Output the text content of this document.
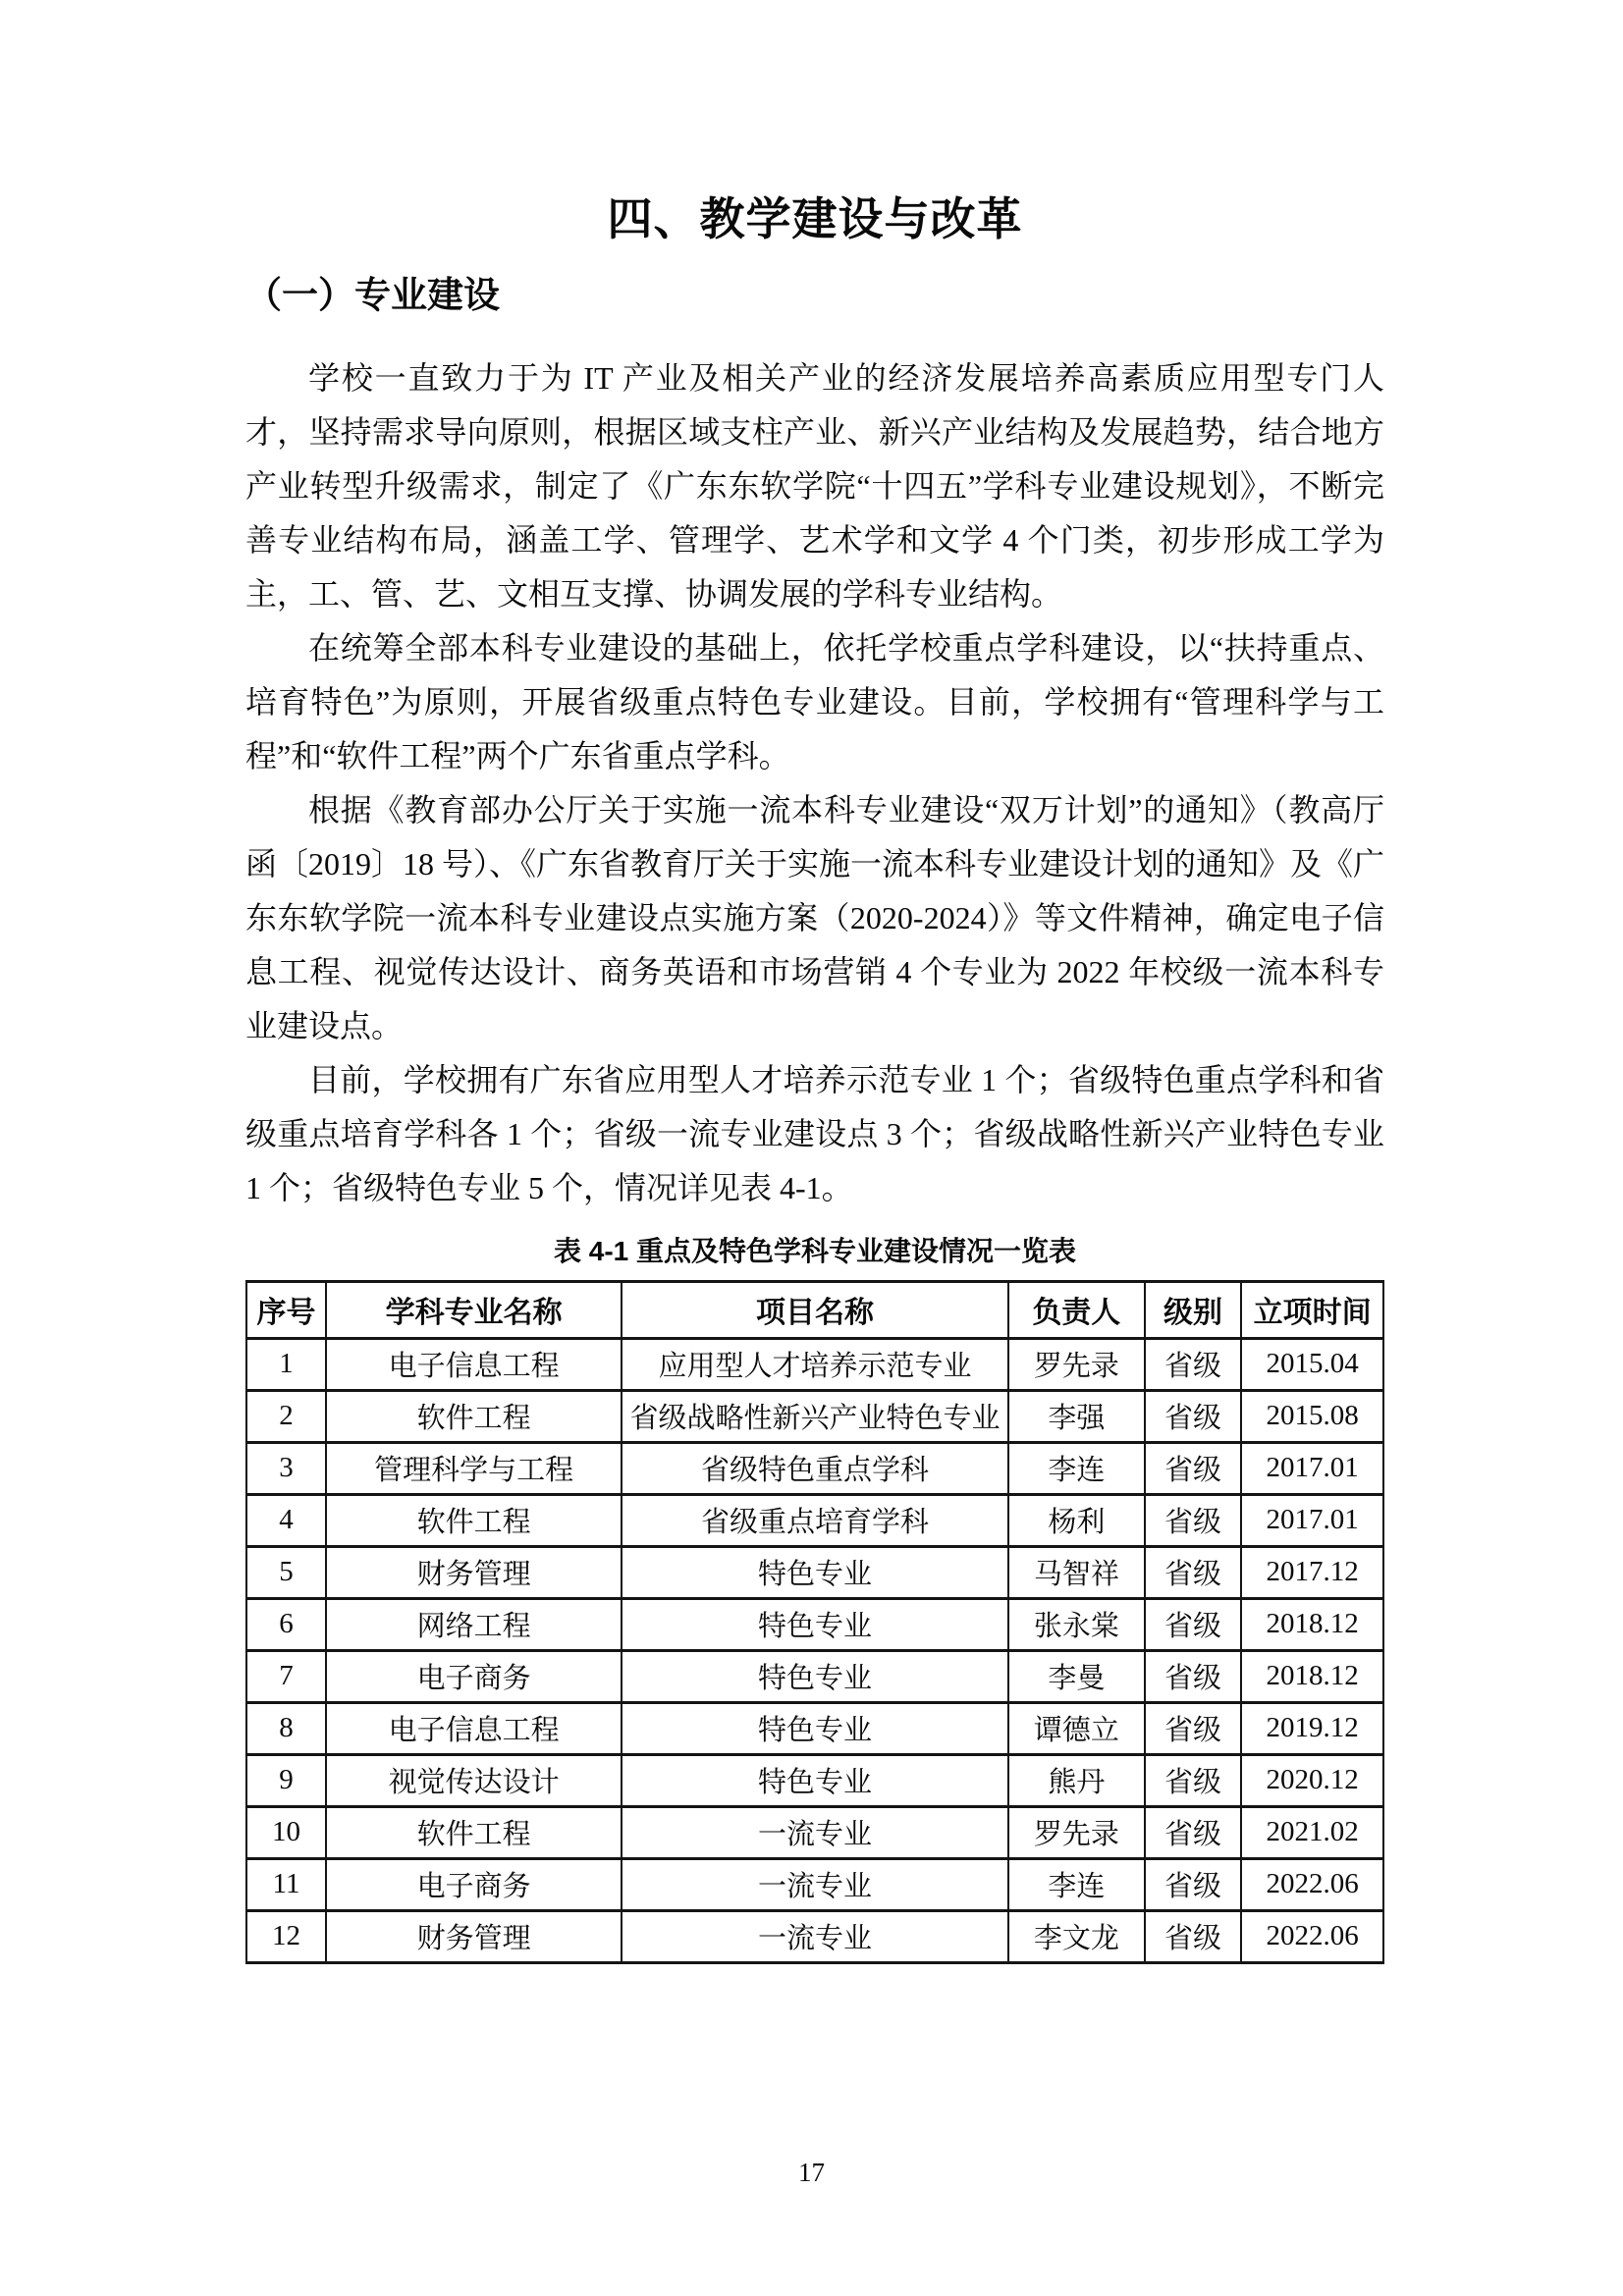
四、教学建设与改革
（一）专业建设

学校一直致力于为 IT 产业及相关产业的经济发展培养高素质应用型专门人才，坚持需求导向原则，根据区域支柱产业、新兴产业结构及发展趋势，结合地方产业转型升级需求，制定了《广东东软学院“十四五”学科专业建设规划》，不断完善专业结构布局，涵盖工学、管理学、艺术学和文学 4 个门类，初步形成工学为主，工、管、艺、文相互支撑、协调发展的学科专业结构。

在统筹全部本科专业建设的基础上，依托学校重点学科建设，以“扶持重点、培育特色”为原则，开展省级重点特色专业建设。目前，学校拥有“管理科学与工程”和“软件工程”两个广东省重点学科。

根据《教育部办公厅关于实施一流本科专业建设“双万计划”的通知》（教高厅函〔2019〕18 号）、《广东省教育厅关于实施一流本科专业建设计划的通知》及《广东东软学院一流本科专业建设点实施方案（2020-2024）》等文件精神，确定电子信息工程、视觉传达设计、商务英语和市场营销 4 个专业为 2022 年校级一流本科专业建设点。

目前，学校拥有广东省应用型人才培养示范专业 1 个；省级特色重点学科和省级重点培育学科各 1 个；省级一流专业建设点 3 个；省级战略性新兴产业特色专业 1 个；省级特色专业 5 个，情况详见表 4-1。

表 4-1 重点及特色学科专业建设情况一览表
序号	学科专业名称	项目名称	负责人	级别	立项时间
1	电子信息工程	应用型人才培养示范专业	罗先录	省级	2015.04
2	软件工程	省级战略性新兴产业特色专业	李强	省级	2015.08
3	管理科学与工程	省级特色重点学科	李连	省级	2017.01
4	软件工程	省级重点培育学科	杨利	省级	2017.01
5	财务管理	特色专业	马智祥	省级	2017.12
6	网络工程	特色专业	张永棠	省级	2018.12
7	电子商务	特色专业	李曼	省级	2018.12
8	电子信息工程	特色专业	谭德立	省级	2019.12
9	视觉传达设计	特色专业	熊丹	省级	2020.12
10	软件工程	一流专业	罗先录	省级	2021.02
11	电子商务	一流专业	李连	省级	2022.06
12	财务管理	一流专业	李文龙	省级	2022.06
17
